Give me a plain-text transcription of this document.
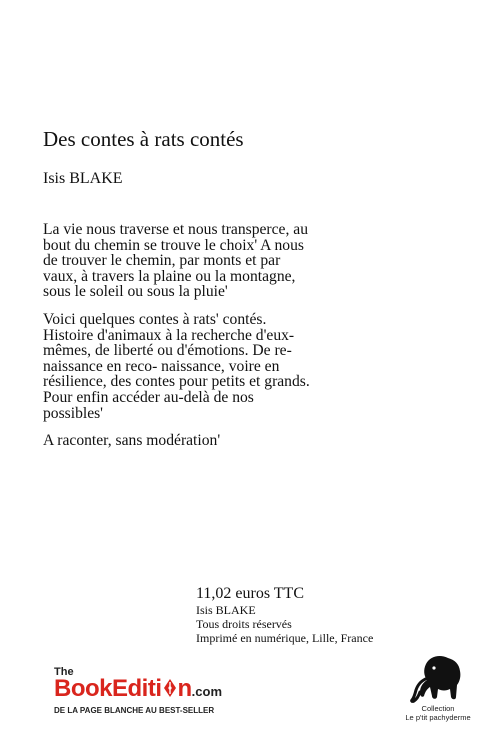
Des contes à rats contés
Isis BLAKE

La vie nous traverse et nous transperce, au
bout du chemin se trouve le choix' A nous
de trouver le chemin, par monts et par
vaux, à travers la plaine ou la montagne,
sous le soleil ou sous la pluie'

Voici quelques contes à rats' contés.
Histoire d'animaux à la recherche d'eux-
mêmes, de liberté ou d'émotions. De re-
naissance en reco- naissance, voire en
résilience, des contes pour petits et grands.
Pour enfin accéder au-delà de nos
possibles'

A raconter, sans modération'

11,02 euros TTC
Isis BLAKE
Tous droits réservés
Imprimé en numérique, Lille, France
The
BookEditi n.com
DE LA PAGE BLANCHE AU BEST-SELLER	Collection
Le p'tit pachyderme
